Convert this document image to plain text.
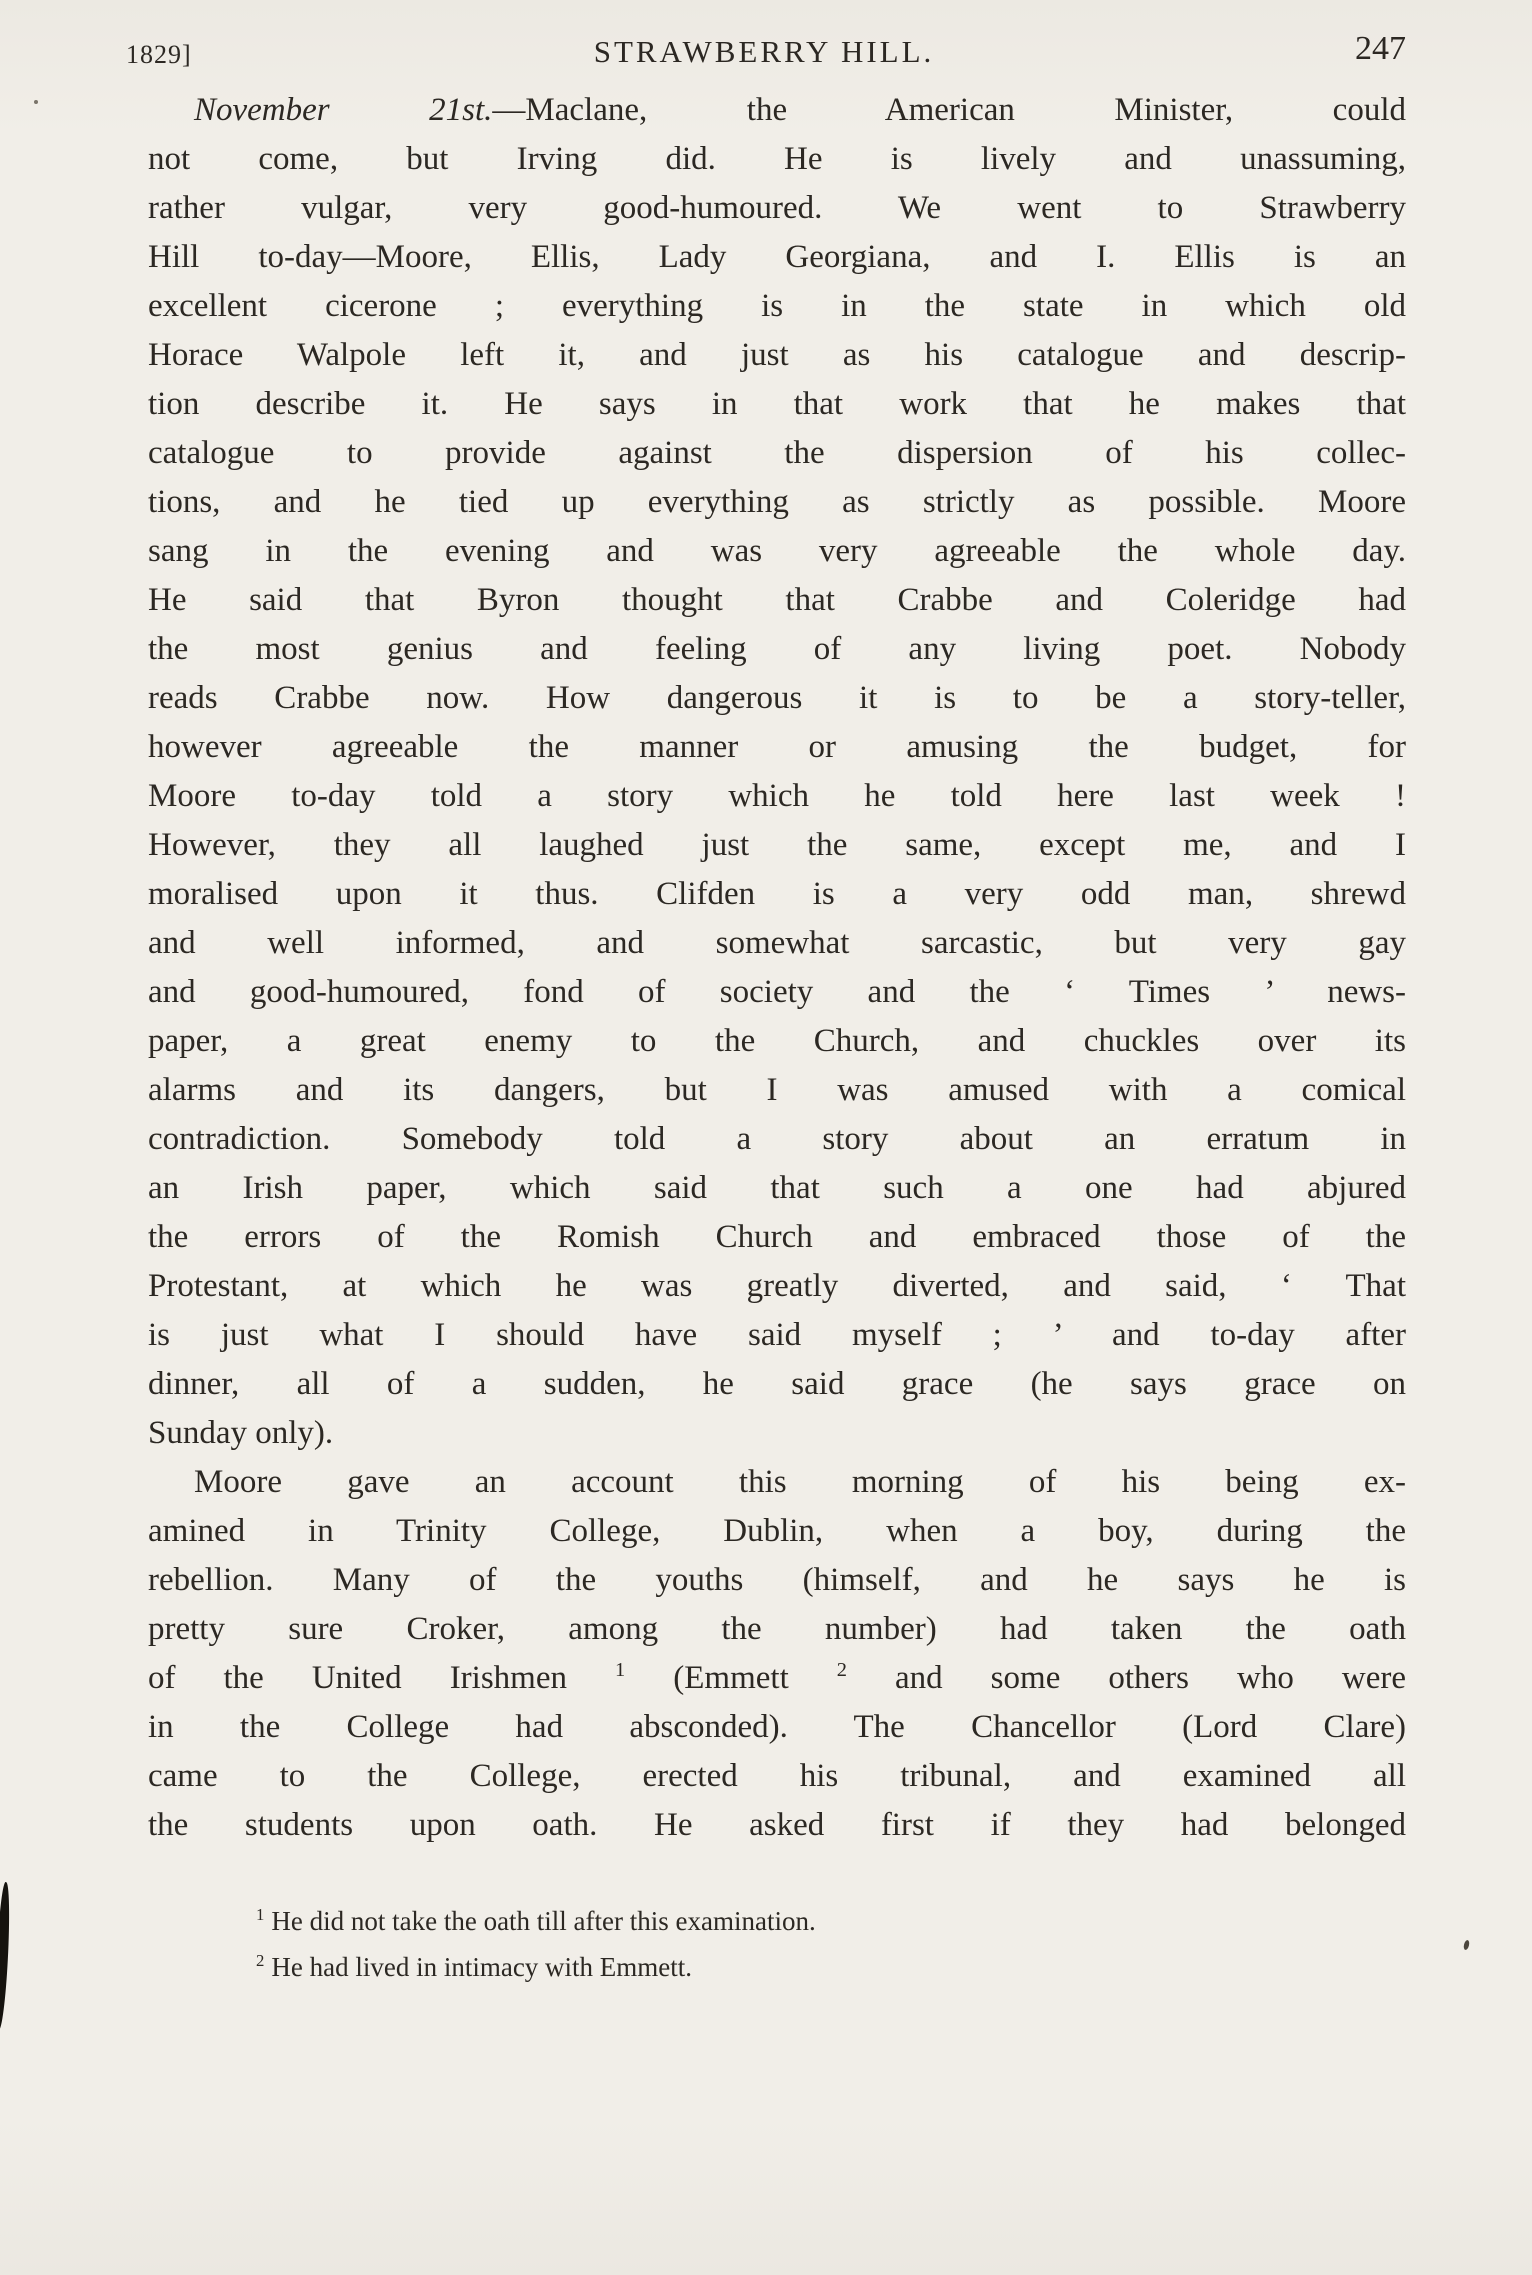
1829]	STRAWBERRY HILL.	247
November 21st.—Maclane, the American Minister, could
not come, but Irving did. He is lively and unassuming,
rather vulgar, very good-humoured. We went to Strawberry
Hill to-day—Moore, Ellis, Lady Georgiana, and I. Ellis is an
excellent cicerone ; everything is in the state in which old
Horace Walpole left it, and just as his catalogue and descrip-
tion describe it. He says in that work that he makes that
catalogue to provide against the dispersion of his collec-
tions, and he tied up everything as strictly as possible. Moore
sang in the evening and was very agreeable the whole day.
He said that Byron thought that Crabbe and Coleridge had
the most genius and feeling of any living poet. Nobody
reads Crabbe now. How dangerous it is to be a story-teller,
however agreeable the manner or amusing the budget, for
Moore to-day told a story which he told here last week !
However, they all laughed just the same, except me, and I
moralised upon it thus. Clifden is a very odd man, shrewd
and well informed, and somewhat sarcastic, but very gay
and good-humoured, fond of society and the ‘ Times ’ news-
paper, a great enemy to the Church, and chuckles over its
alarms and its dangers, but I was amused with a comical
contradiction. Somebody told a story about an erratum in
an Irish paper, which said that such a one had abjured
the errors of the Romish Church and embraced those of the
Protestant, at which he was greatly diverted, and said, ‘ That
is just what I should have said myself ; ’ and to-day after
dinner, all of a sudden, he said grace (he says grace on
Sunday only).
Moore gave an account this morning of his being ex-
amined in Trinity College, Dublin, when a boy, during the
rebellion. Many of the youths (himself, and he says he is
pretty sure Croker, among the number) had taken the oath
of the United Irishmen $^1$ (Emmett $^2$ and some others who were
in the College had absconded). The Chancellor (Lord Clare)
came to the College, erected his tribunal, and examined all
the students upon oath. He asked first if they had belonged

$^1$ He did not take the oath till after this examination.

$^2$ He had lived in intimacy with Emmett.
